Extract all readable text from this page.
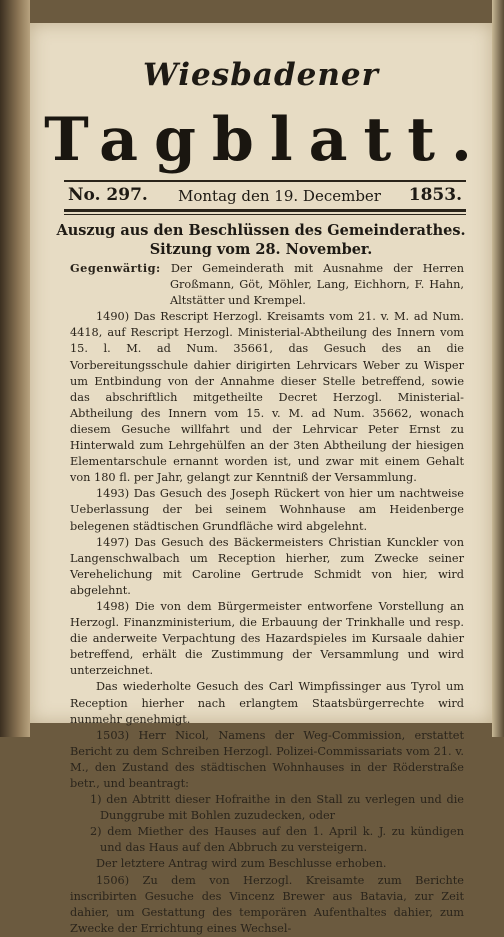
Wiesbadener
Tagblatt.
No. 297. Montag den 19. December 1853.
Auszug aus den Beschlüssen des Gemeinderathes.
Sitzung vom 28. November.

Gegenwärtig: Der Gemeinderath mit Ausnahme der Herren Großmann, Göt, Möhler, Lang, Eichhorn, F. Hahn, Altstätter und Krempel.

1490) Das Rescript Herzogl. Kreisamts vom 21. v. M. ad Num. 4418, auf Rescript Herzogl. Ministerial-Abtheilung des Innern vom 15. l. M. ad Num. 35661, das Gesuch des an die Vorbereitungsschule dahier dirigirten Lehrvicars Weber zu Wisper um Entbindung von der Annahme dieser Stelle betreffend, sowie das abschriftlich mitgetheilte Decret Herzogl. Ministerial-Abtheilung des Innern vom 15. v. M. ad Num. 35662, wonach diesem Gesuche willfahrt und der Lehrvicar Peter Ernst zu Hinterwald zum Lehrgehülfen an der 3ten Abtheilung der hiesigen Elementarschule ernannt worden ist, und zwar mit einem Gehalt von 180 fl. per Jahr, gelangt zur Kenntniß der Versammlung.

1493) Das Gesuch des Joseph Rückert von hier um nachtweise Ueberlassung der bei seinem Wohnhause am Heidenberge belegenen städtischen Grundfläche wird abgelehnt.

1497) Das Gesuch des Bäckermeisters Christian Kunckler von Langenschwalbach um Reception hierher, zum Zwecke seiner Verehelichung mit Caroline Gertrude Schmidt von hier, wird abgelehnt.

1498) Die von dem Bürgermeister entworfene Vorstellung an Herzogl. Finanzministerium, die Erbauung der Trinkhalle und resp. die anderweite Verpachtung des Hazardspieles im Kursaale dahier betreffend, erhält die Zustimmung der Versammlung und wird unterzeichnet.

Das wiederholte Gesuch des Carl Wimpfissinger aus Tyrol um Reception hierher nach erlangtem Staatsbürgerrechte wird nunmehr genehmigt.

1503) Herr Nicol, Namens der Weg-Commission, erstattet Bericht zu dem Schreiben Herzogl. Polizei-Commissariats vom 21. v. M., den Zustand des städtischen Wohnhauses in der Röderstraße betr., und beantragt:

1) den Abtritt dieser Hofraithe in den Stall zu verlegen und die Dunggrube mit Bohlen zuzudecken, oder

2) dem Miether des Hauses auf den 1. April k. J. zu kündigen und das Haus auf den Abbruch zu versteigern.

Der letztere Antrag wird zum Beschlusse erhoben.

1506) Zu dem von Herzogl. Kreisamte zum Berichte inscribirten Gesuche des Vincenz Brewer aus Batavia, zur Zeit dahier, um Gestattung des temporären Aufenthaltes dahier, zum Zwecke der Errichtung eines Wechsel-
